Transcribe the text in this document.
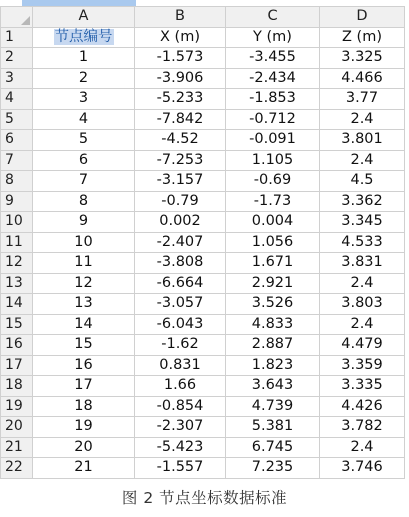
	A	B	C	D
1	节点编号	X (m)	Y (m)	Z (m)
2	1	-1.573	-3.455	3.325
3	2	-3.906	-2.434	4.466
4	3	-5.233	-1.853	3.77
5	4	-7.842	-0.712	2.4
6	5	-4.52	-0.091	3.801
7	6	-7.253	1.105	2.4
8	7	-3.157	-0.69	4.5
9	8	-0.79	-1.73	3.362
10	9	0.002	0.004	3.345
11	10	-2.407	1.056	4.533
12	11	-3.808	1.671	3.831
13	12	-6.664	2.921	2.4
14	13	-3.057	3.526	3.803
15	14	-6.043	4.833	2.4
16	15	-1.62	2.887	4.479
17	16	0.831	1.823	3.359
18	17	1.66	3.643	3.335
19	18	-0.854	4.739	4.426
20	19	-2.307	5.381	3.782
21	20	-5.423	6.745	2.4
22	21	-1.557	7.235	3.746
图 2 节点坐标数据标准
